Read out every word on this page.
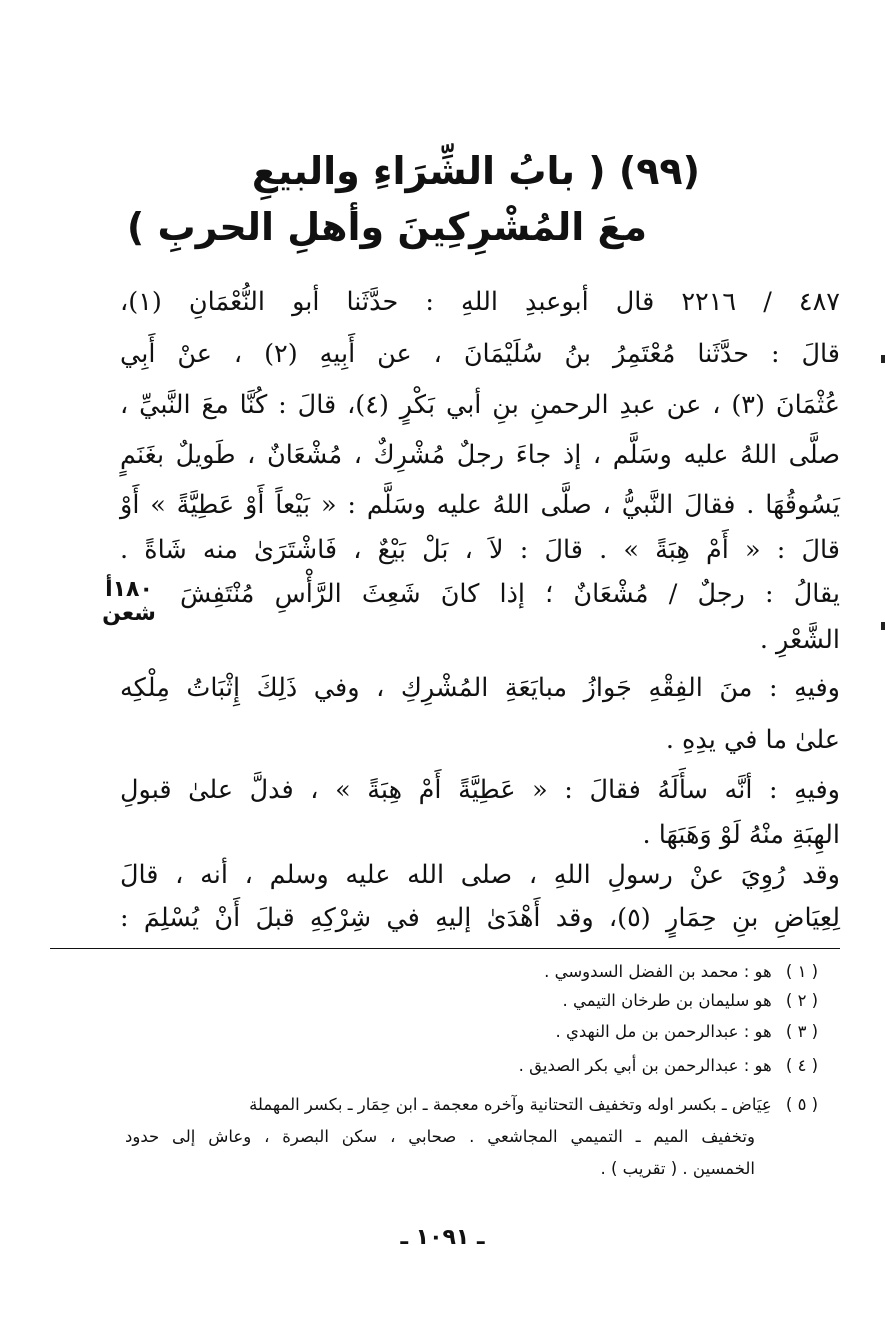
(٩٩) ( بابُ الشِّرَاءِ والبيعِ
معَ المُشْرِكِينَ وأهلِ الحربِ )
٤٨٧ / ٢٢١٦ قال أبوعبدِ اللهِ : حدَّثَنا أبو النُّعْمَانِ (١)،
قالَ : حدَّثَنا مُعْتَمِرُ بنُ سُلَيْمَانَ ، عن أَبِيهِ (٢) ، عنْ أَبِي
عُثْمَانَ (٣) ، عن عبدِ الرحمنِ بنِ أبي بَكْرٍ (٤)، قالَ : كُنَّا معَ النَّبيِّ ،
صلَّى اللهُ عليه وسَلَّم ، إذ جاءَ رجلٌ مُشْرِكٌ ، مُشْعَانٌ ، طَويلٌ بغَنَمٍ
يَسُوقُهَا . فقالَ النَّبيُّ ، صلَّى اللهُ عليه وسَلَّم : « بَيْعاً أَوْ عَطِيَّةً » أَوْ
قالَ : « أَمْ هِبَةً » . قالَ : لاَ ، بَلْ بَيْعٌ ، فَاشْتَرَىٰ منه شَاةً .
يقالُ : رجلٌ / مُشْعَانٌ ؛ إذا كانَ شَعِثَ الرَّأْسِ مُنْتَفِشَ
الشَّعْرِ .
وفيهِ : منَ الفِقْهِ جَوازُ مبايَعَةِ المُشْرِكِ ، وفي ذَلِكَ إِثْبَاتُ مِلْكِه
علىٰ ما في يدِهِ .
وفيهِ : أنَّه سأَلَهُ فقالَ : « عَطِيَّةً أَمْ هِبَةً » ، فدلَّ علىٰ قبولِ
الهِبَةِ منْهُ لَوْ وَهَبَهَا .
وقد رُوِيَ عنْ رسولِ اللهِ ، صلى الله عليه وسلم ، أنه ، قالَ
لِعِيَاضِ بنِ حِمَارٍ (٥)، وقد أَهْدَىٰ إليهِ في شِرْكِهِ قبلَ أَنْ يُسْلِمَ :
١٨٠أ
شعن
( ١ ) هو : محمد بن الفضل السدوسي .
( ٢ ) هو سليمان بن طرخان التيمي .
( ٣ ) هو : عبدالرحمن بن مل النهدي .
( ٤ ) هو : عبدالرحمن بن أبي بكر الصديق .
( ٥ ) عِيَاض ـ بكسر اوله وتخفيف التحتانية وآخره معجمة ـ ابن حِمَار ـ بكسر المهملة
وتخفيف الميم ـ التميمي المجاشعي . صحابي ، سكن البصرة ، وعاش إلى حدود
الخمسين . ( تقريب ) .
ـ ١٠٩١ ـ
